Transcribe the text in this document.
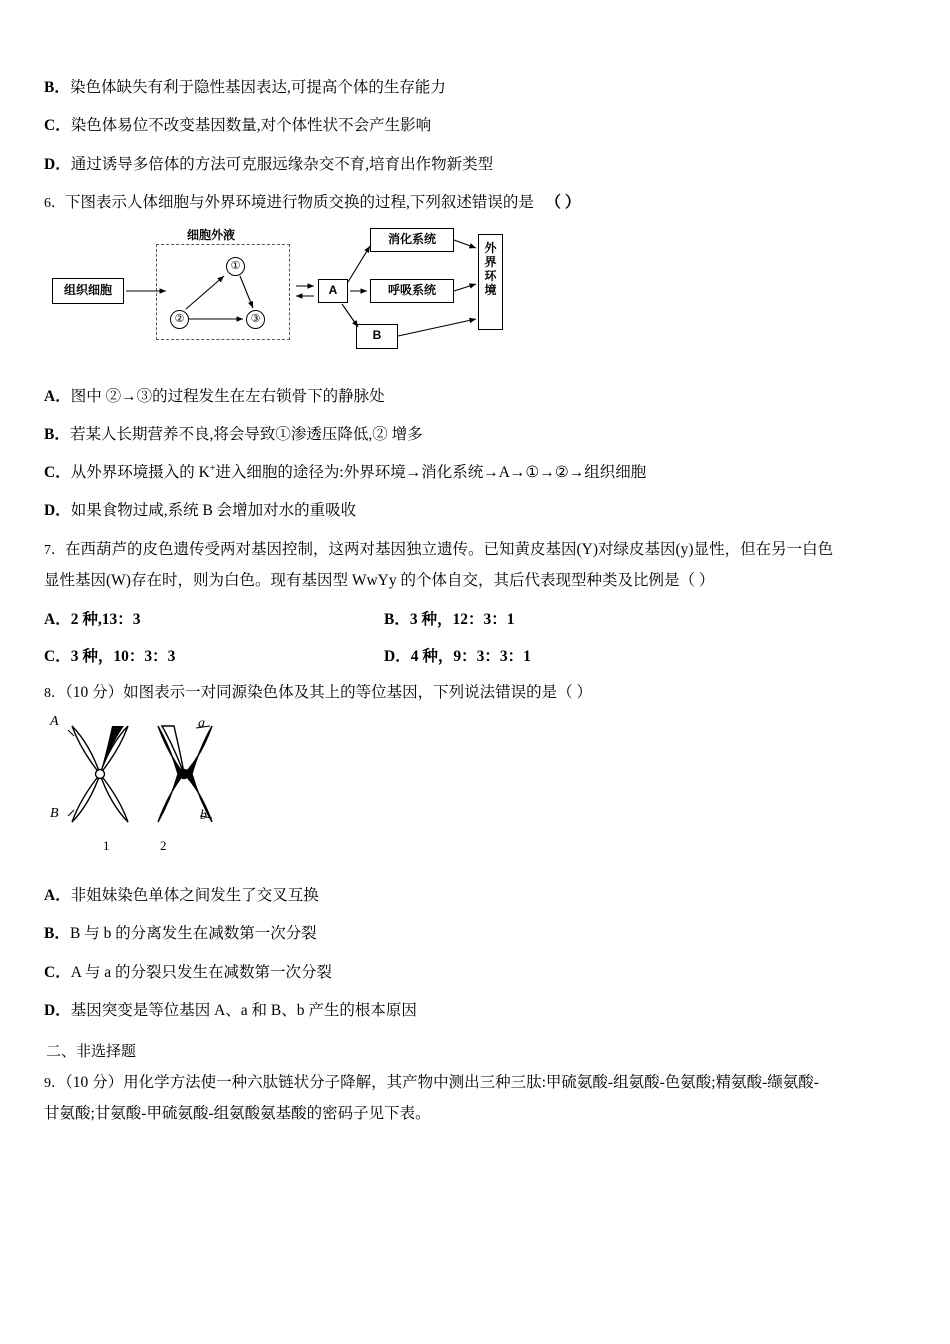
B．染色体缺失有利于隐性基因表达,可提高个体的生存能力
C．染色体易位不改变基因数量,对个体性状不会产生影响
D．通过诱导多倍体的方法可克服远缘杂交不育,培育出作物新类型
6．下图表示人体细胞与外界环境进行物质交换的过程,下列叙述错误的是 （ ）
细胞外液
组织细胞
①
②	③
A
B
消化系统
呼吸系统
外
界
环
境
A．图中 ②→③的过程发生在左右锁骨下的静脉处
B．若某人长期营养不良,将会导致①渗透压降低,② 增多
C．从外界环境摄入的 K+进入细胞的途径为:外界环境→消化系统→A→①→②→组织细胞
D．如果食物过咸,系统 B 会增加对水的重吸收
7．在西葫芦的皮色遗传受两对基因控制，这两对基因独立遗传。已知黄皮基因(Y)对绿皮基因(y)显性，但在另一白色
显性基因(W)存在时，则为白色。现有基因型 WwYy 的个体自交，其后代表现型种类及比例是（ ）
A．2 种,13：3	B．3 种，12：3：1
C．3 种，10：3：3	D．4 种，9：3：3：1
8．（10 分）如图表示一对同源染色体及其上的等位基因，下列说法错误的是（ ）
A
B
a
b
1	2
A．非姐妹染色单体之间发生了交叉互换
B．B 与 b 的分离发生在减数第一次分裂
C．A 与 a 的分裂只发生在减数第一次分裂
D．基因突变是等位基因 A、a 和 B、b 产生的根本原因
二、非选择题
9．（10 分）用化学方法使一种六肽链状分子降解，其产物中测出三种三肽:甲硫氨酸-组氨酸-色氨酸;精氨酸-缬氨酸-
甘氨酸;甘氨酸-甲硫氨酸-组氨酸氨基酸的密码子见下表。
